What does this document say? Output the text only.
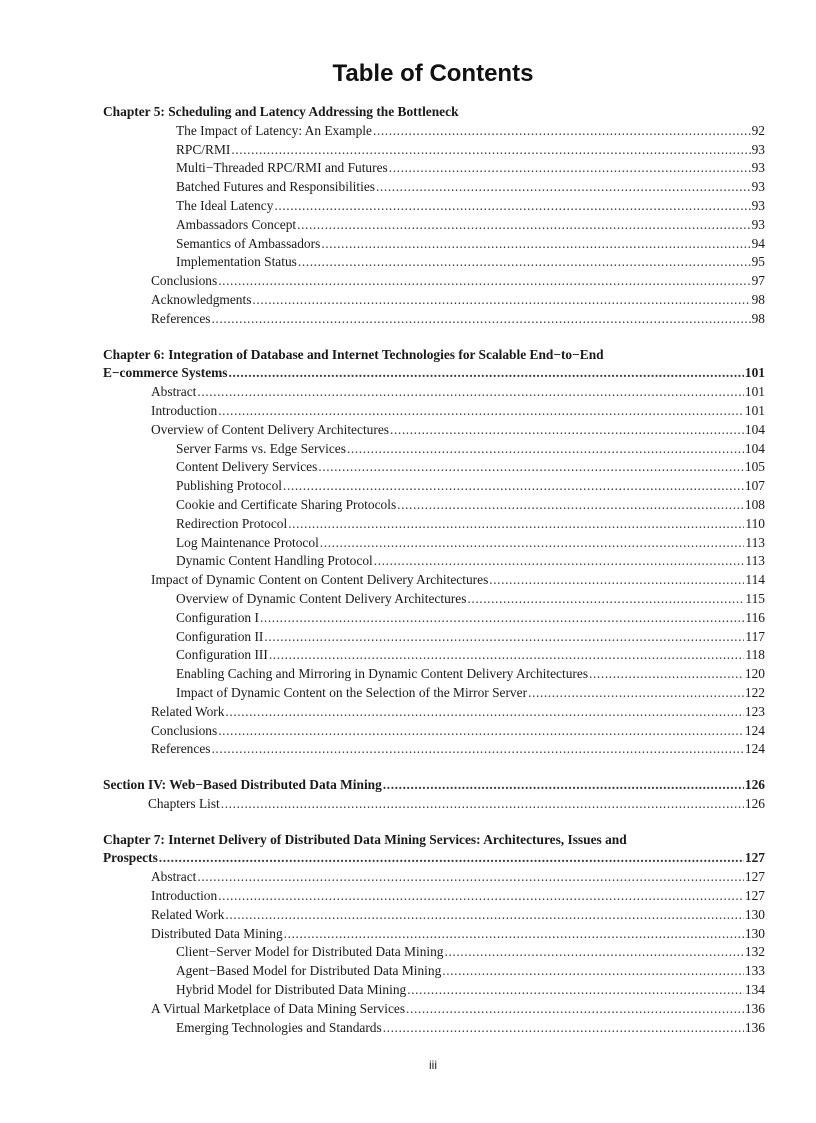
Table of Contents
Chapter 5: Scheduling and Latency Addressing the Bottleneck
The Impact of Latency: An Example .....	92
RPC/RMI .....	93
Multi−Threaded RPC/RMI and Futures .....	93
Batched Futures and Responsibilities .....	93
The Ideal Latency .....	93
Ambassadors Concept .....	93
Semantics of Ambassadors .....	94
Implementation Status .....	95
Conclusions .....	97
Acknowledgments .....	98
References .....	98
Chapter 6: Integration of Database and Internet Technologies for Scalable End−to−End
E−commerce Systems .....	101
Abstract .....	101
Introduction .....	101
Overview of Content Delivery Architectures .....	104
Server Farms vs. Edge Services .....	104
Content Delivery Services .....	105
Publishing Protocol .....	107
Cookie and Certificate Sharing Protocols .....	108
Redirection Protocol .....	110
Log Maintenance Protocol .....	113
Dynamic Content Handling Protocol .....	113
Impact of Dynamic Content on Content Delivery Architectures .....	114
Overview of Dynamic Content Delivery Architectures .....	115
Configuration I .....	116
Configuration II .....	117
Configuration III .....	118
Enabling Caching and Mirroring in Dynamic Content Delivery Architectures .....	120
Impact of Dynamic Content on the Selection of the Mirror Server .....	122
Related Work .....	123
Conclusions .....	124
References .....	124
Section IV: Web−Based Distributed Data Mining .....	126
Chapters List .....	126
Chapter 7: Internet Delivery of Distributed Data Mining Services: Architectures, Issues and
Prospects .....	127
Abstract .....	127
Introduction .....	127
Related Work .....	130
Distributed Data Mining .....	130
Client−Server Model for Distributed Data Mining .....	132
Agent−Based Model for Distributed Data Mining .....	133
Hybrid Model for Distributed Data Mining .....	134
A Virtual Marketplace of Data Mining Services .....	136
Emerging Technologies and Standards .....	136
iii
